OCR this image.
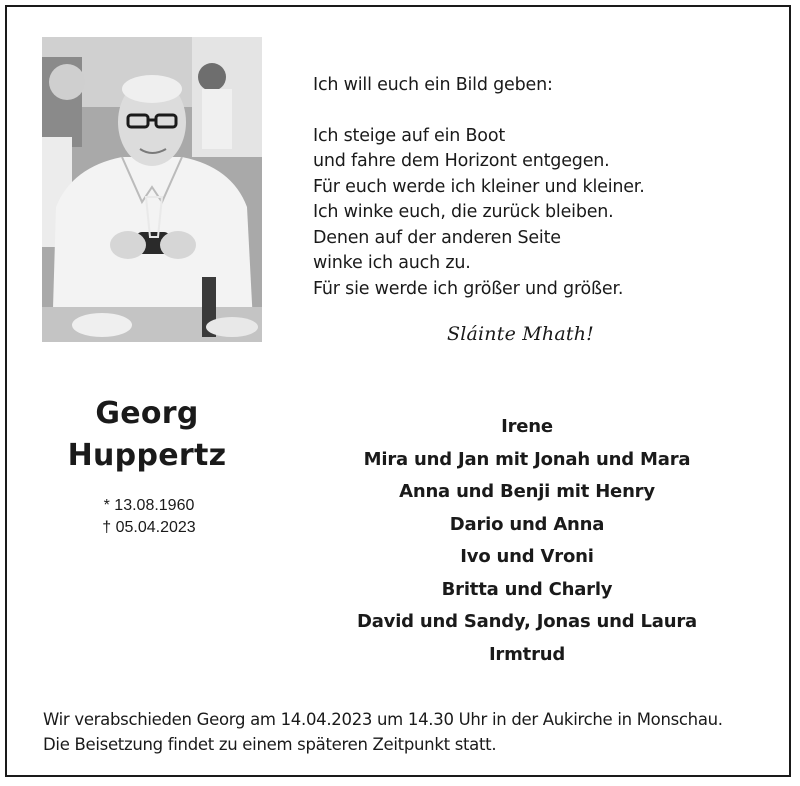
Ich will euch ein Bild geben:
Ich steige auf ein Boot
und fahre dem Horizont entgegen.
Für euch werde ich kleiner und kleiner.
Ich winke euch, die zurück bleiben.
Denen auf der anderen Seite
winke ich auch zu.
Für sie werde ich größer und größer.
Sláinte Mhath!
Georg
Huppertz
* 13.08.1960
† 05.04.2023
Irene
Mira und Jan mit Jonah und Mara
Anna und Benji mit Henry
Dario und Anna
Ivo und Vroni
Britta und Charly
David und Sandy, Jonas und Laura
Irmtrud
Wir verabschieden Georg am 14.04.2023 um 14.30 Uhr in der Aukirche in Monschau.
Die Beisetzung findet zu einem späteren Zeitpunkt statt.
